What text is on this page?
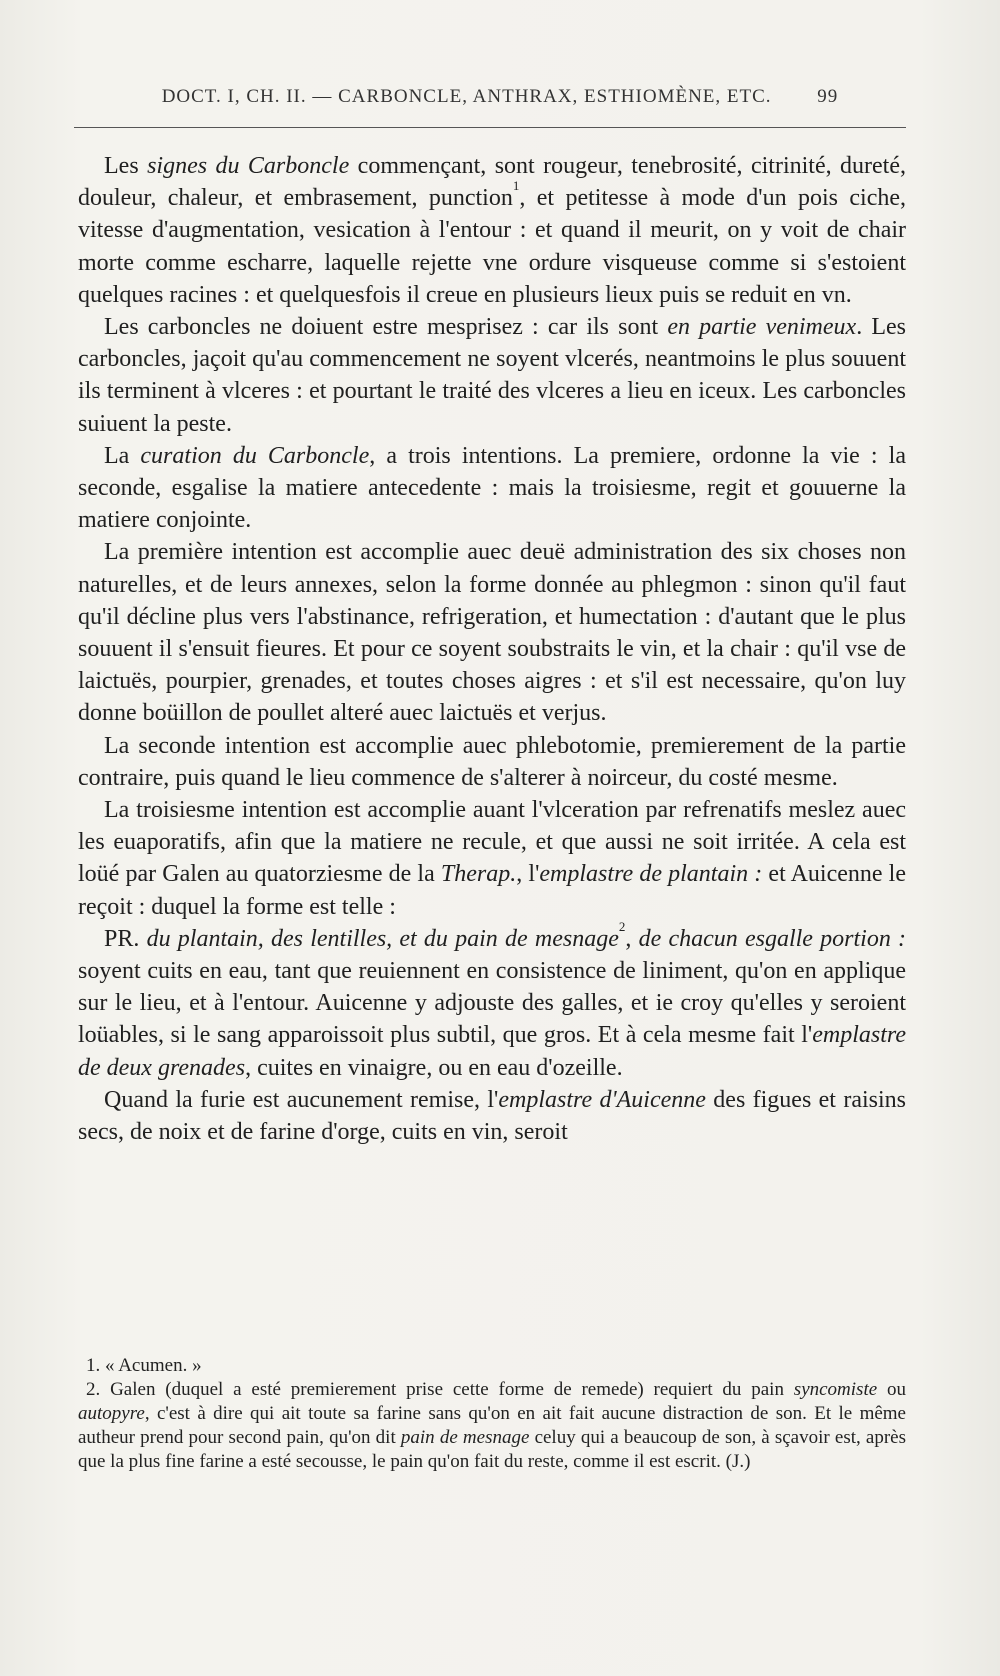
DOCT. I, CH. II. — CARBONCLE, ANTHRAX, ESTHIOMÈNE, ETC. 99

Les signes du Carboncle commençant, sont rougeur, tenebrosité, citrinité, dureté, douleur, chaleur, et embrasement, punction$^1$, et petitesse à mode d'un pois ciche, vitesse d'augmentation, vesication à l'entour : et quand il meurit, on y voit de chair morte comme escharre, laquelle rejette vne ordure visqueuse comme si s'estoient quelques racines : et quelquesfois il creue en plusieurs lieux puis se reduit en vn.

Les carboncles ne doiuent estre mesprisez : car ils sont en partie venimeux. Les carboncles, jaçoit qu'au commencement ne soyent vlcerés, neantmoins le plus souuent ils terminent à vlceres : et pourtant le traité des vlceres a lieu en iceux. Les carboncles suiuent la peste.

La curation du Carboncle, a trois intentions. La premiere, ordonne la vie : la seconde, esgalise la matiere antecedente : mais la troisiesme, regit et gouuerne la matiere conjointe.

La première intention est accomplie auec deuë administration des six choses non naturelles, et de leurs annexes, selon la forme donnée au phlegmon : sinon qu'il faut qu'il décline plus vers l'abstinance, refrigeration, et humectation : d'autant que le plus souuent il s'ensuit fieures. Et pour ce soyent soubstraits le vin, et la chair : qu'il vse de laictuës, pourpier, grenades, et toutes choses aigres : et s'il est necessaire, qu'on luy donne boüillon de poullet alteré auec laictuës et verjus.

La seconde intention est accomplie auec phlebotomie, premierement de la partie contraire, puis quand le lieu commence de s'alterer à noirceur, du costé mesme.

La troisiesme intention est accomplie auant l'vlceration par refrenatifs meslez auec les euaporatifs, afin que la matiere ne recule, et que aussi ne soit irritée. A cela est loüé par Galen au quatorziesme de la Therap., l'emplastre de plantain : et Auicenne le reçoit : duquel la forme est telle :

PR. du plantain, des lentilles, et du pain de mesnage$^2$, de chacun esgalle portion : soyent cuits en eau, tant que reuiennent en consistence de liniment, qu'on en applique sur le lieu, et à l'entour. Auicenne y adjouste des galles, et ie croy qu'elles y seroient loüables, si le sang apparoissoit plus subtil, que gros. Et à cela mesme fait l'emplastre de deux grenades, cuites en vinaigre, ou en eau d'ozeille.

Quand la furie est aucunement remise, l'emplastre d'Auicenne des figues et raisins secs, de noix et de farine d'orge, cuits en vin, seroit

1. « Acumen. »

2. Galen (duquel a esté premierement prise cette forme de remede) requiert du pain syncomiste ou autopyre, c'est à dire qui ait toute sa farine sans qu'on en ait fait aucune distraction de son. Et le même autheur prend pour second pain, qu'on dit pain de mesnage celuy qui a beaucoup de son, à sçavoir est, après que la plus fine farine a esté secousse, le pain qu'on fait du reste, comme il est escrit. (J.)
